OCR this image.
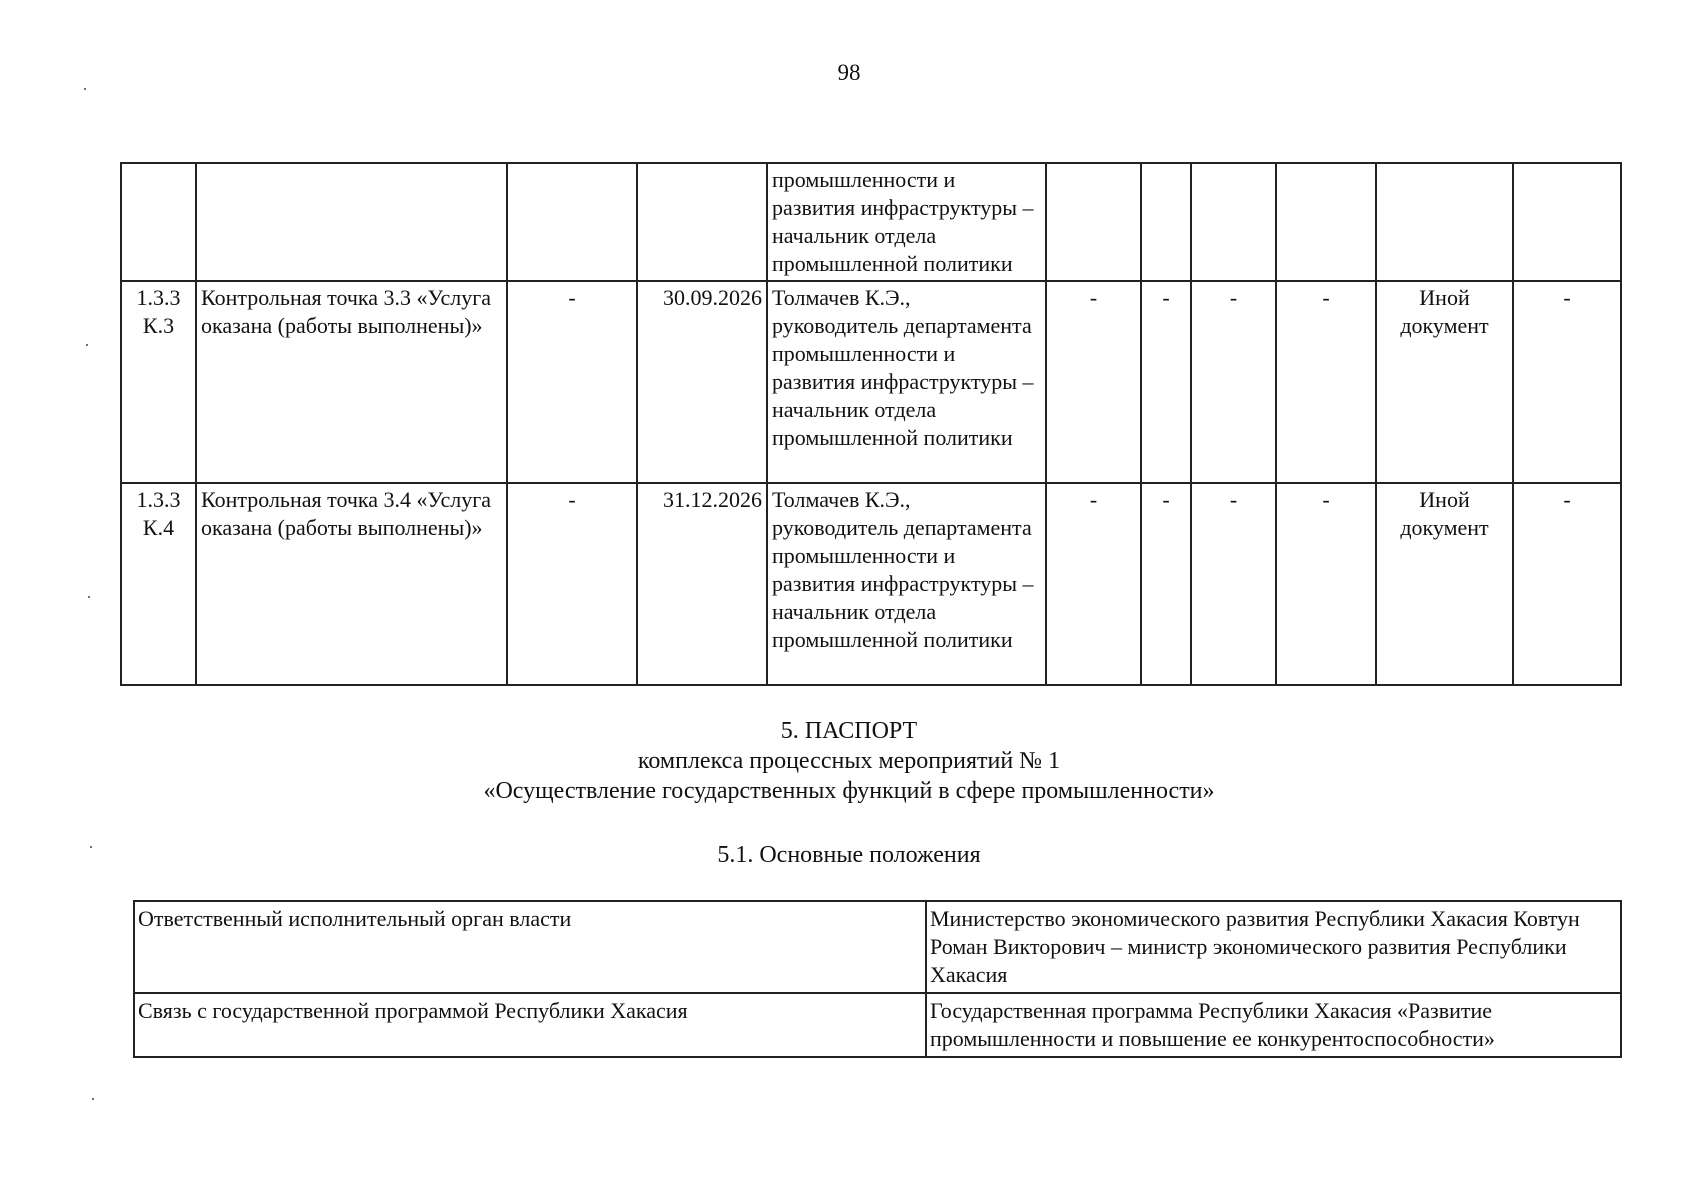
98
				промышленности и развития инфраструктуры – начальник отдела промышленной политики						
1.3.3 К.3	Контрольная точка 3.3 «Услуга оказана (работы выполнены)»	-	30.09.2026	Толмачев К.Э., руководитель департамента промышленности и развития инфраструктуры – начальник отдела промышленной политики	-	-	-	-	Иной документ	-
1.3.3 К.4	Контрольная точка 3.4 «Услуга оказана (работы выполнены)»	-	31.12.2026	Толмачев К.Э., руководитель департамента промышленности и развития инфраструктуры – начальник отдела промышленной политики	-	-	-	-	Иной документ	-
5. ПАСПОРТ
комплекса процессных мероприятий № 1
«Осуществление государственных функций в сфере промышленности»
5.1. Основные положения
Ответственный исполнительный орган власти	Министерство экономического развития Республики Хакасия Ковтун Роман Викторович – министр экономического развития Республики Хакасия
Связь с государственной программой Республики Хакасия	Государственная программа Республики Хакасия «Развитие промышленности и повышение ее конкурентоспособности»
